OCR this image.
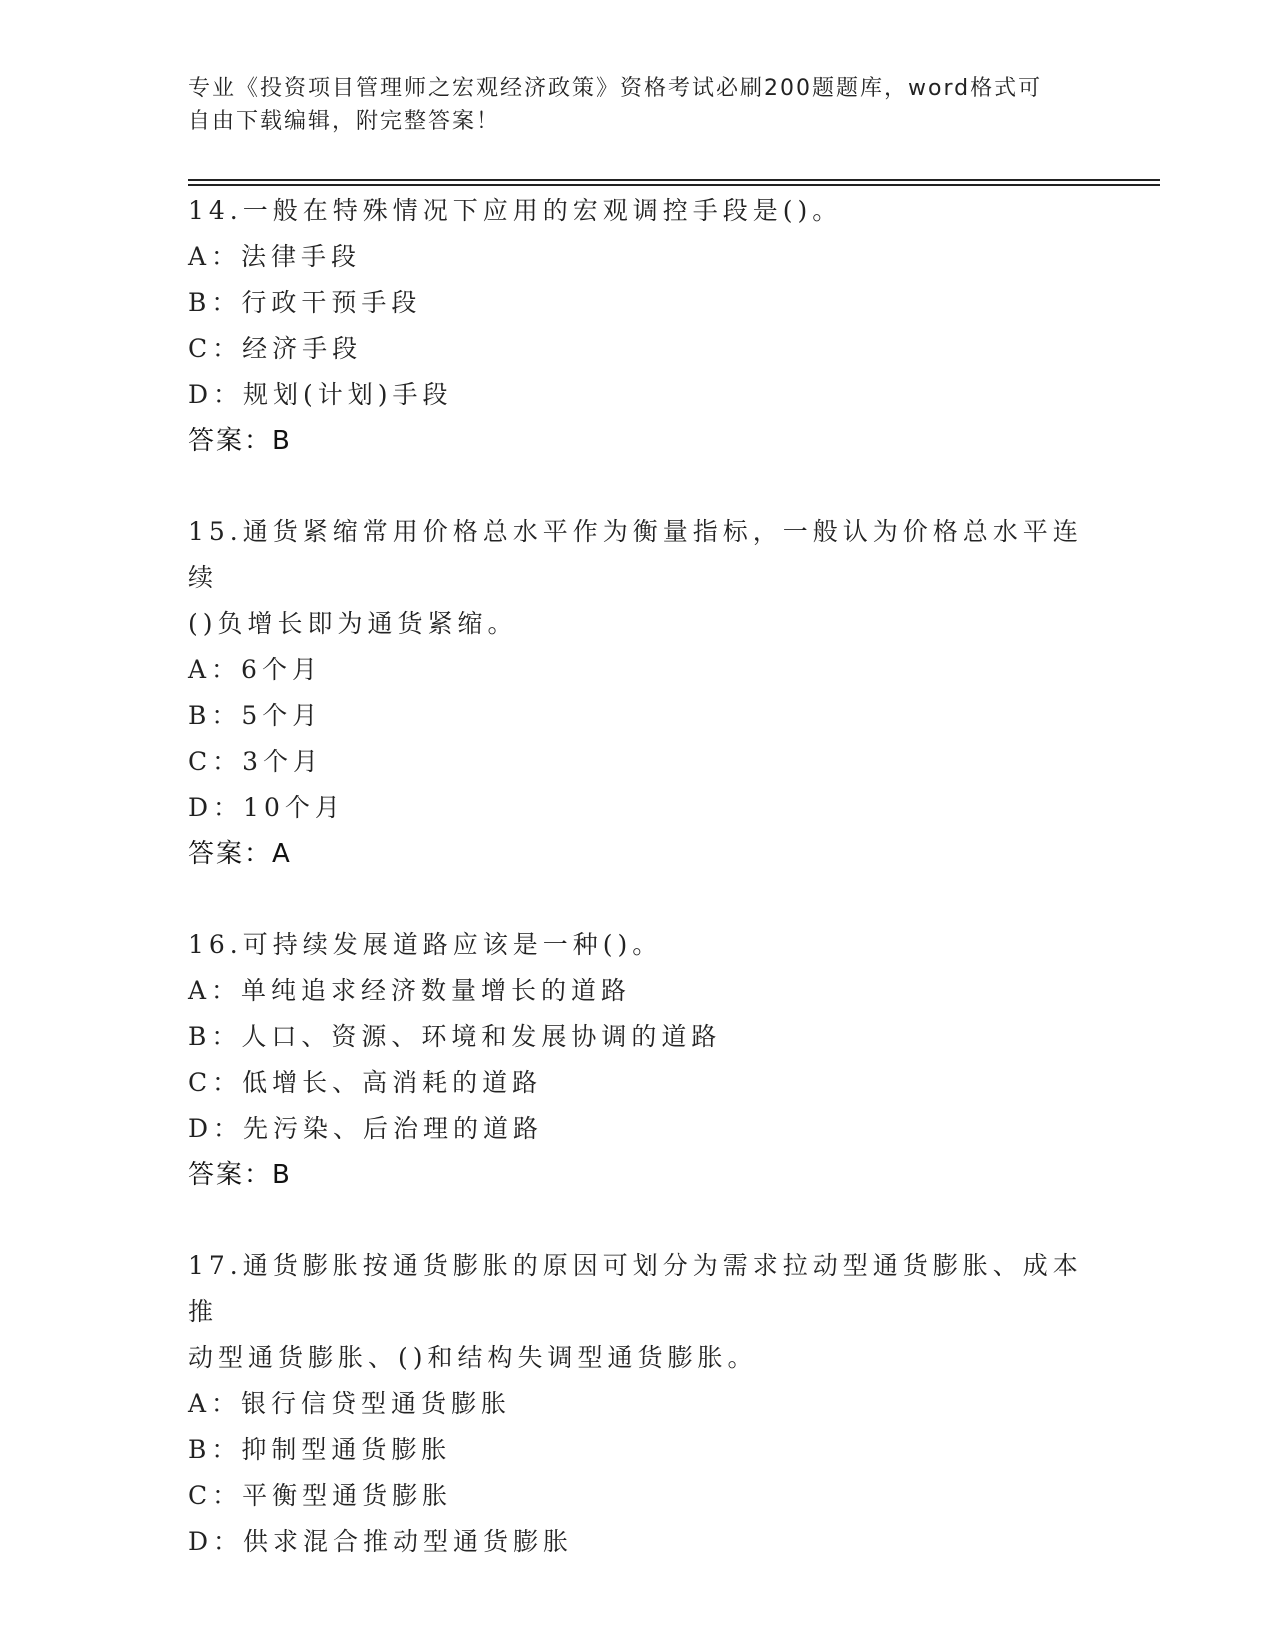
专业《投资项目管理师之宏观经济政策》资格考试必刷200题题库，word格式可
自由下载编辑，附完整答案！
14.一般在特殊情况下应用的宏观调控手段是()。
A：法律手段
B：行政干预手段
C：经济手段
D：规划(计划)手段
答案：B
15.通货紧缩常用价格总水平作为衡量指标，一般认为价格总水平连续
()负增长即为通货紧缩。
A：6个月
B：5个月
C：3个月
D：10个月
答案：A
16.可持续发展道路应该是一种()。
A：单纯追求经济数量增长的道路
B：人口、资源、环境和发展协调的道路
C：低增长、高消耗的道路
D：先污染、后治理的道路
答案：B
17.通货膨胀按通货膨胀的原因可划分为需求拉动型通货膨胀、成本推
动型通货膨胀、()和结构失调型通货膨胀。
A：银行信贷型通货膨胀
B：抑制型通货膨胀
C：平衡型通货膨胀
D：供求混合推动型通货膨胀
